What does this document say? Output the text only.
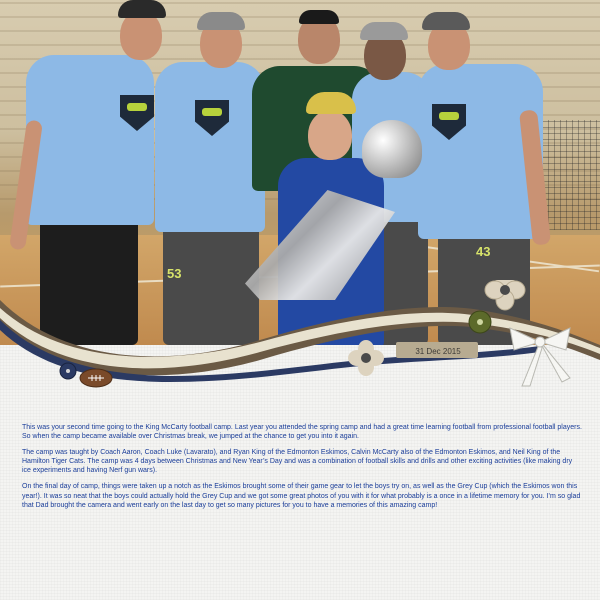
53
43
31 Dec 2015

This was your second time going to the King McCarty football camp. Last year you attended the spring camp and had a great time learning football from professional football players. So when the camp became available over Christmas break, we jumped at the chance to get you into it again.

The camp was taught by Coach Aaron, Coach Luke (Lavarato), and Ryan King of the Edmonton Eskimos, Calvin McCarty also of the Edmonton Eskimos, and Neil King of the Hamilton Tiger Cats. The camp was 4 days between Christmas and New Year’s Day and was a combination of football skills and drills and other exciting activities (like making dry ice experiments and having Nerf gun wars).

On the final day of camp, things were taken up a notch as the Eskimos brought some of their game gear to let the boys try on, as well as the Grey Cup (which the Eskimos won this year!). It was so neat that the boys could actually hold the Grey Cup and we got some great photos of you with it for what probably is a once in a lifetime memory for you. I’m so glad that Dad brought the camera and went early on the last day to get so many pictures for you to have a memories of this amazing camp!
